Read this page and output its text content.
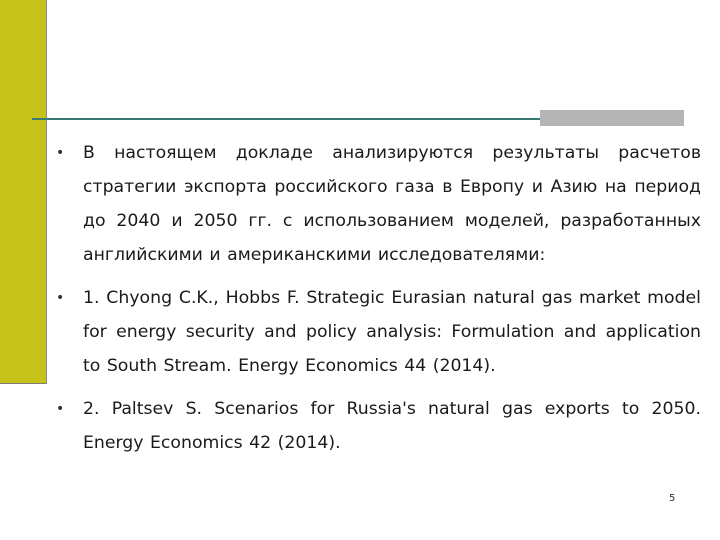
• В настоящем докладе анализируются результаты расчетов стратегии экспорта российского газа в Европу и Азию на период до 2040 и 2050 гг. с использованием моделей, разработанных английскими и американскими исследователями:
• 1. Chyong C.K., Hobbs F. Strategic Eurasian natural gas market model for energy security and policy analysis: Formulation and application to South Stream. Energy Economics 44 (2014).
• 2. Paltsev S. Scenarios for Russia's natural gas exports to 2050. Energy Economics 42 (2014).
5
